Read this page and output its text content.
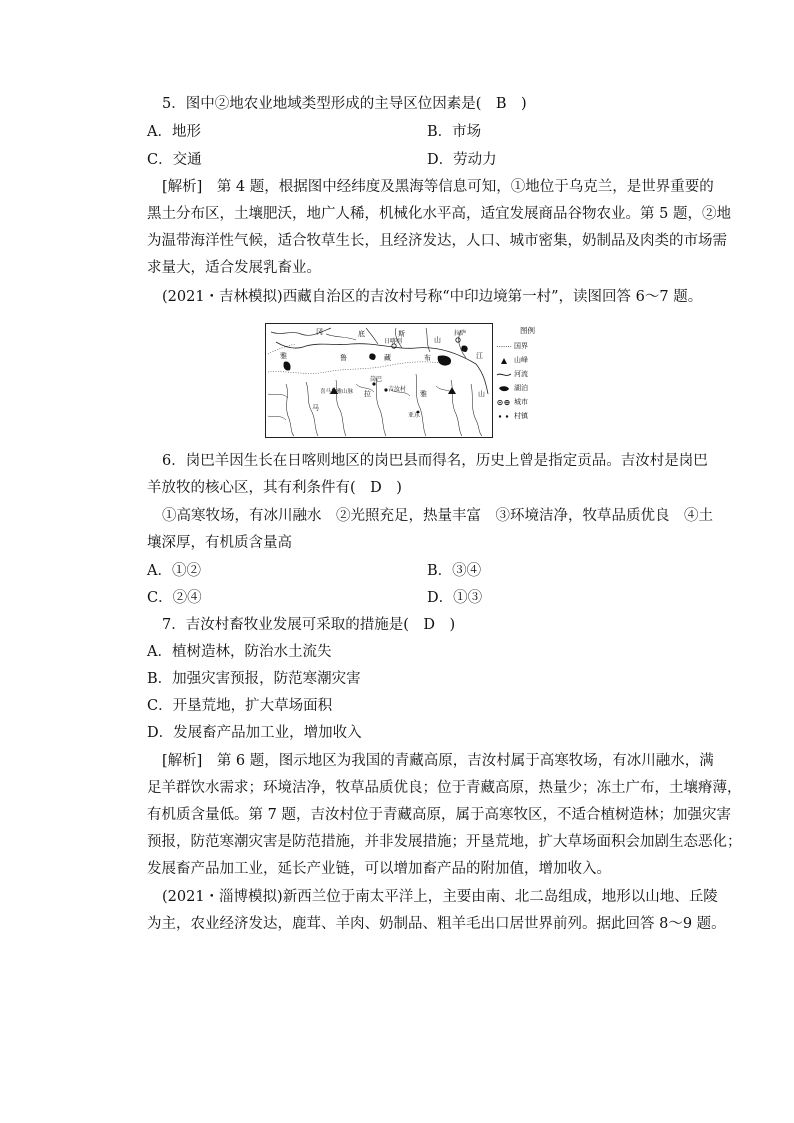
5．图中②地农业地域类型形成的主导区位因素是(　B　)
A．地形	B．市场
C．交通	D．劳动力
[解析]　第 4 题，根据图中经纬度及黑海等信息可知，①地位于乌克兰，是世界重要的
黑土分布区，土壤肥沃，地广人稀，机械化水平高，适宜发展商品谷物农业。第 5 题，②地
为温带海洋性气候，适合牧草生长，且经济发达，人口、城市密集，奶制品及肉类的市场需
求量大，适合发展乳畜业。
(2021・吉林模拟)西藏自治区的吉汝村号称“中印边境第一村”，读图回答 6～7 题。
冈	底	斯
山
拉萨
日喀则
雅	鲁	藏	布	江
岗巴
吉汝村
喜马拉雅山脉
马
拉	雅	山
亚东
图例
国界
山峰
河流
湖泊
城市
村镇
6．岗巴羊因生长在日喀则地区的岗巴县而得名，历史上曾是指定贡品。吉汝村是岗巴
羊放牧的核心区，其有利条件有(　D　)
①高寒牧场，有冰川融水　②光照充足，热量丰富　③环境洁净，牧草品质优良　④土
壤深厚，有机质含量高
A．①②	B．③④
C．②④	D．①③
7．吉汝村畜牧业发展可采取的措施是(　D　)
A．植树造林，防治水土流失
B．加强灾害预报，防范寒潮灾害
C．开垦荒地，扩大草场面积
D．发展畜产品加工业，增加收入
[解析]　第 6 题，图示地区为我国的青藏高原，吉汝村属于高寒牧场，有冰川融水，满
足羊群饮水需求；环境洁净，牧草品质优良；位于青藏高原，热量少；冻土广布，土壤瘠薄，
有机质含量低。第 7 题，吉汝村位于青藏高原，属于高寒牧区，不适合植树造林；加强灾害
预报，防范寒潮灾害是防范措施，并非发展措施；开垦荒地，扩大草场面积会加剧生态恶化；
发展畜产品加工业，延长产业链，可以增加畜产品的附加值，增加收入。
(2021・淄博模拟)新西兰位于南太平洋上，主要由南、北二岛组成，地形以山地、丘陵
为主，农业经济发达，鹿茸、羊肉、奶制品、粗羊毛出口居世界前列。据此回答 8～9 题。
